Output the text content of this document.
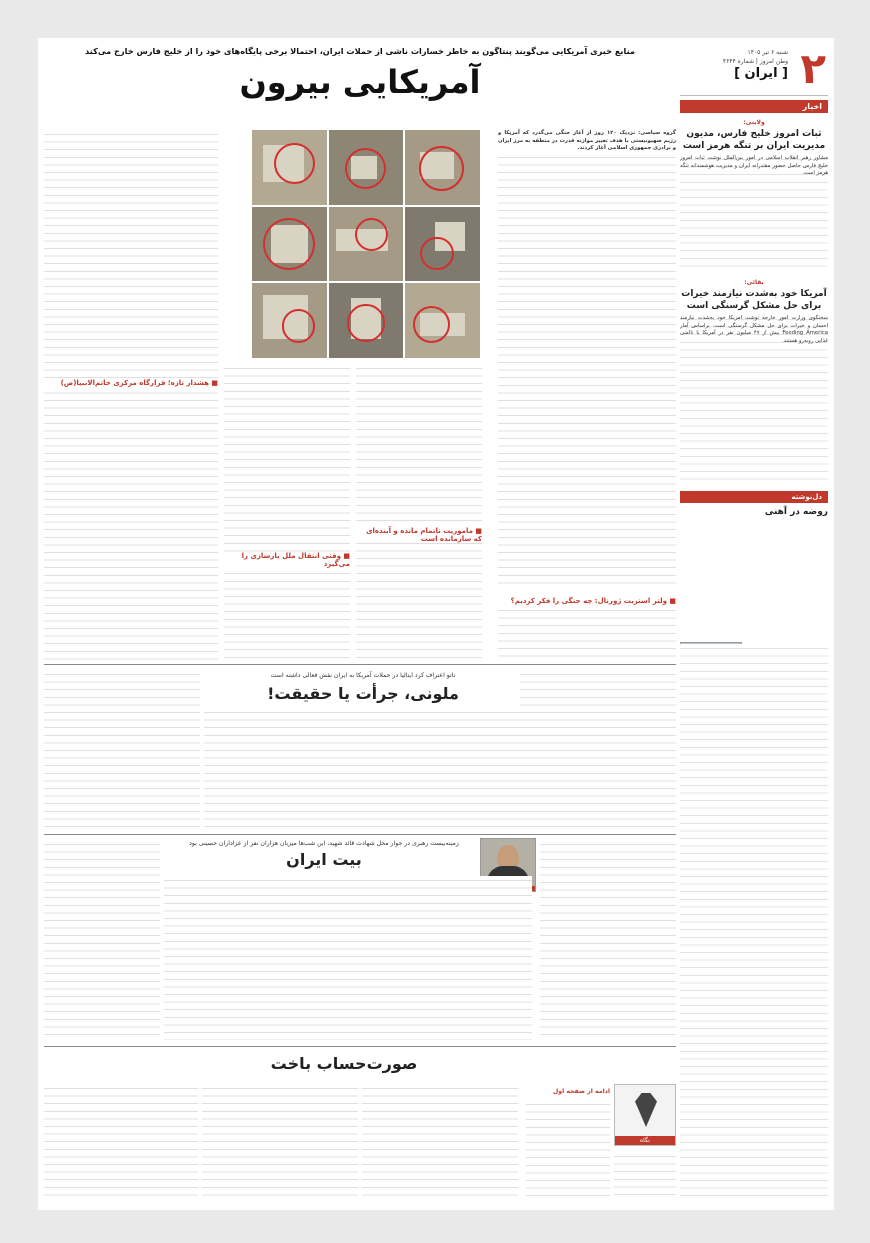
۲
شنبه ۶ تیر ۱۴۰۵
وطن امروز | شماره ۴۶۴۴
[ ایران ]
اخبار
ولایتی:
ثبات امروز خلیج فارس، مدیون مدیریت ایران بر تنگه هرمز است

مشاور رهبر انقلاب اسلامی در امور بین‌الملل نوشت ثبات امروز خلیج فارس حاصل حضور مقتدرانه ایران و مدیریت هوشمندانه تنگه هرمز است.

بقائی:
آمریکا خود به‌شدت نیازمند خیرات برای حل مشکل گرسنگی است

سخنگوی وزارت امور خارجه نوشت آمریکا خود به‌شدت نیازمند احسان و خیرات برای حل مشکل گرسنگی است. براساس آمار Feeding America بیش از ۴۷ میلیون نفر در آمریکا با ناامنی غذایی روبه‌رو هستند.

دل‌نوشته
روضه در آهنی
منابع خبری آمریکایی می‌گویند پنتاگون به خاطر خسارات ناشی از حملات ایران، احتمالا برخی پایگاه‌های خود را از خلیج فارس خارج می‌کند
آمریکایی بیرون

گروه سیاسی: نزدیک ۱۲۰ روز از آغاز جنگی می‌گذرد که آمریکا و رژیم صهیونیستی با هدف تغییر موازنه قدرت در منطقه به مرز ایران و برادری جمهوری اسلامی آغاز کردند.

■ ولتر استریت ژورنال: چه جنگی را فکر کردیم؟
■ ماموریت ناتمام‌ مانده و آینده‌ای که سازمانده است
■ وقتی انتقال ملل بازسازی را می‌گیرد
■ هشدار تازه؛ قرارگاه مرکزی خاتم‌الانبیا(ص)
ناتو اعتراف کرد ایتالیا در حملات آمریکا به ایران نقش فعالی داشته است
ملونی، جرأت یا حقیقت!
زمینه‌بیست رهبری در جوار محل شهادت قائد شهید، این شب‌ها میزبان هزاران نفر از عزاداران حسینی بود
بیت ایران
صورت‌حساب باخت
نگاه
ادامه از صفحه اول
